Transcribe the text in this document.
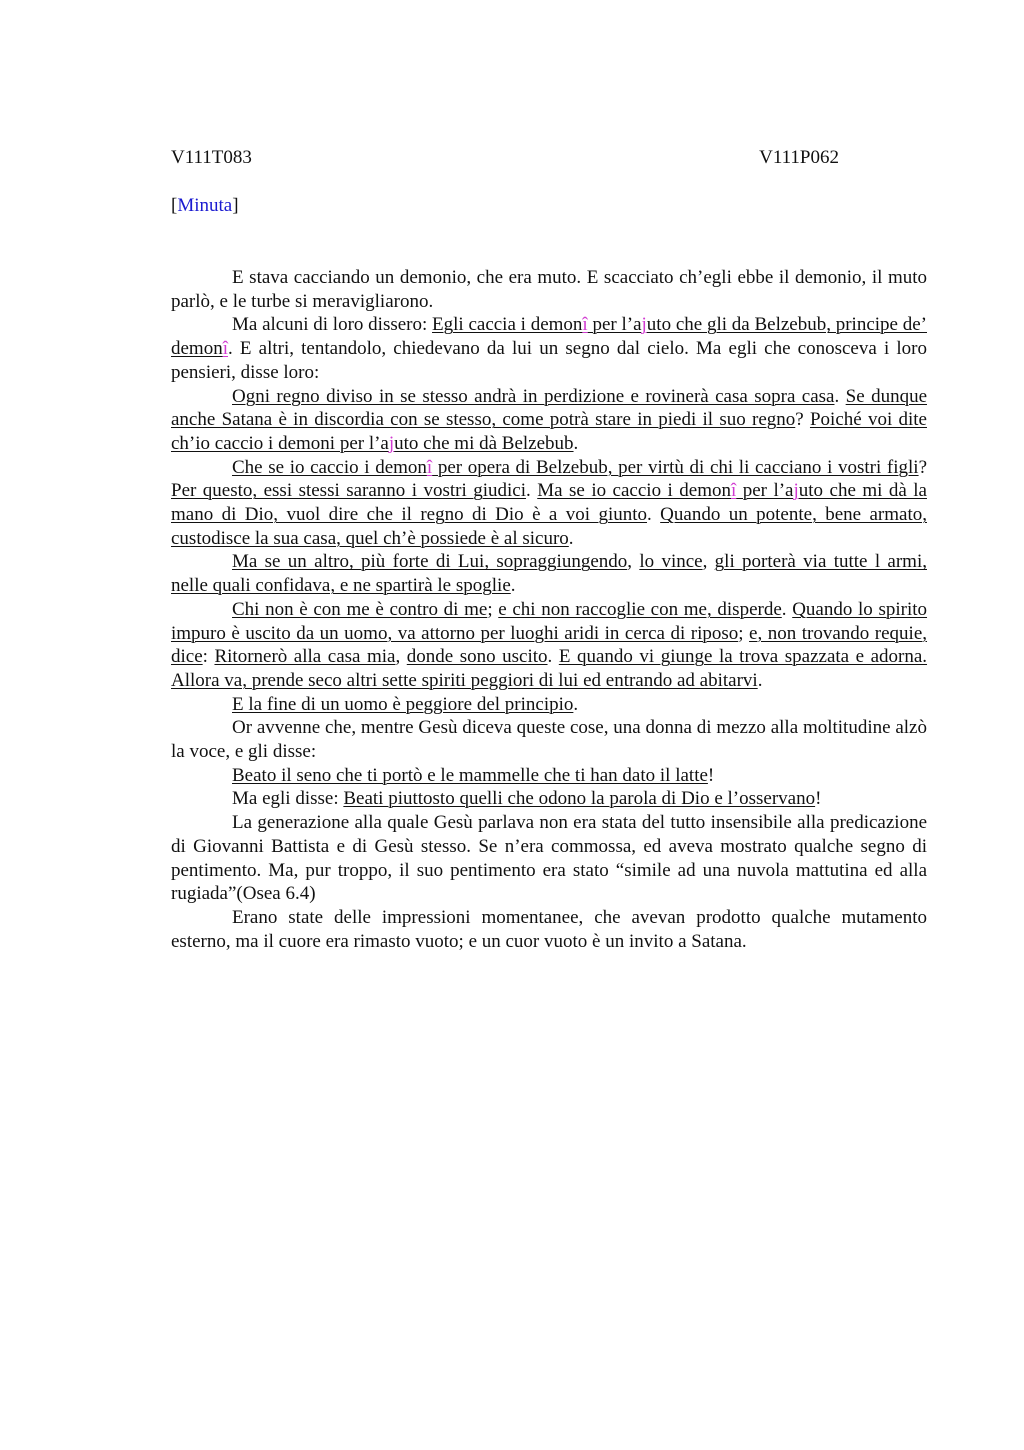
V111T083	V111P062
[Minuta]

E stava cacciando un demonio, che era muto. E scacciato ch’egli ebbe il demonio, il muto parlò, e le turbe si meravigliarono.

Ma alcuni di loro dissero: Egli caccia i demonî per l’ajuto che gli da Belzebub, principe de’ demonî. E altri, tentandolo, chiedevano da lui un segno dal cielo. Ma egli che conosceva i loro pensieri, disse loro:

Ogni regno diviso in se stesso andrà in perdizione e rovinerà casa sopra casa. Se dunque anche Satana è in discordia con se stesso, come potrà stare in piedi il suo regno? Poiché voi dite ch’io caccio i demoni per l’ajuto che mi dà Belzebub.

Che se io caccio i demonî per opera di Belzebub, per virtù di chi li cacciano i vostri figli? Per questo, essi stessi saranno i vostri giudici. Ma se io caccio i demonî per l’ajuto che mi dà la mano di Dio, vuol dire che il regno di Dio è a voi giunto. Quando un potente, bene armato, custodisce la sua casa, quel ch’è possiede è al sicuro.

Ma se un altro, più forte di Lui, sopraggiungendo, lo vince, gli porterà via tutte l armi, nelle quali confidava, e ne spartirà le spoglie.

Chi non è con me è contro di me; e chi non raccoglie con me, disperde. Quando lo spirito impuro è uscito da un uomo, va attorno per luoghi aridi in cerca di riposo; e, non trovando requie, dice: Ritornerò alla casa mia, donde sono uscito. E quando vi giunge la trova spazzata e adorna. Allora va, prende seco altri sette spiriti peggiori di lui ed entrando ad abitarvi.

E la fine di un uomo è peggiore del principio.

Or avvenne che, mentre Gesù diceva queste cose, una donna di mezzo alla moltitudine alzò la voce, e gli disse:

Beato il seno che ti portò e le mammelle che ti han dato il latte!

Ma egli disse: Beati piuttosto quelli che odono la parola di Dio e l’osservano!

La generazione alla quale Gesù parlava non era stata del tutto insensibile alla predicazione di Giovanni Battista e di Gesù stesso. Se n’era commossa, ed aveva mostrato qualche segno di pentimento. Ma, pur troppo, il suo pentimento era stato “simile ad una nuvola mattutina ed alla rugiada”(Osea 6.4)

Erano state delle impressioni momentanee, che avevan prodotto qualche mutamento esterno, ma il cuore era rimasto vuoto; e un cuor vuoto è un invito a Satana.
